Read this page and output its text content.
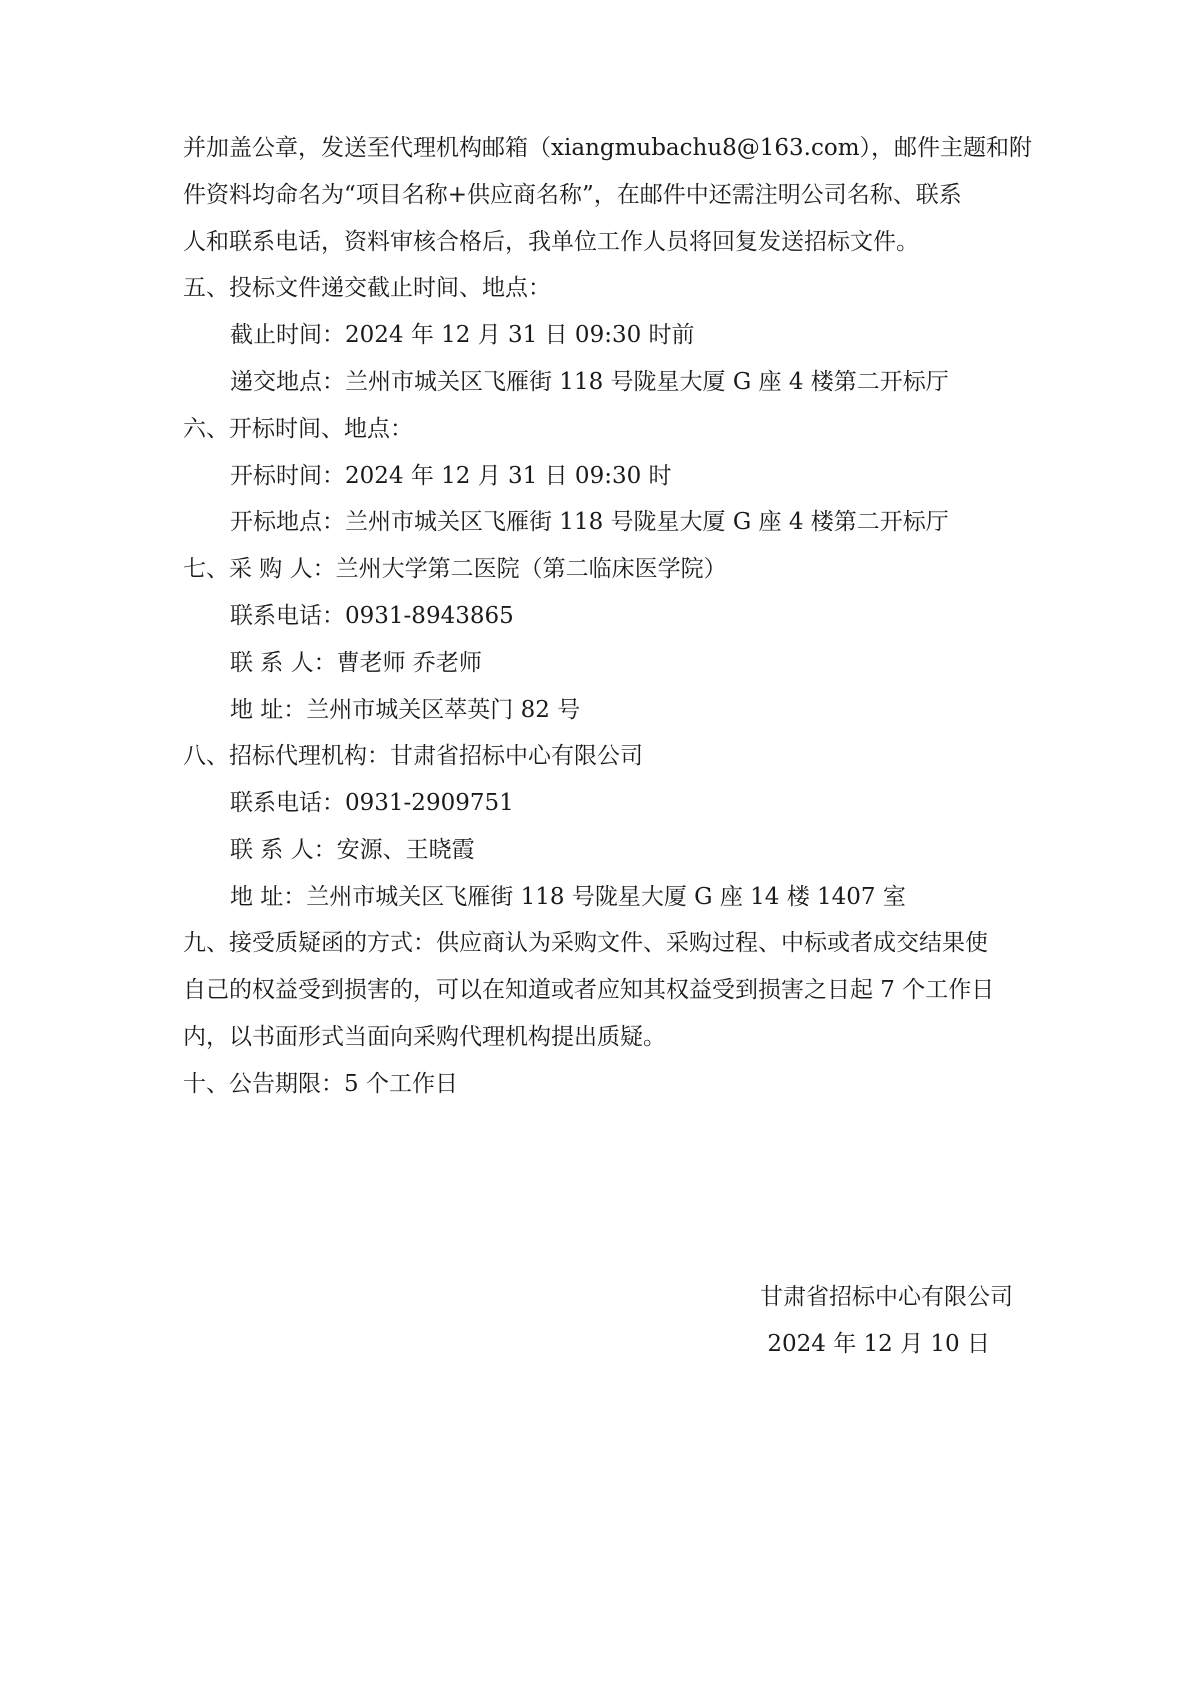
并加盖公章，发送至代理机构邮箱（xiangmubachu8@163.com），邮件主题和附
件资料均命名为“项目名称+供应商名称”，在邮件中还需注明公司名称、联系
人和联系电话，资料审核合格后，我单位工作人员将回复发送招标文件。
五、投标文件递交截止时间、地点：
截止时间：2024 年 12 月 31 日 09:30 时前
递交地点：兰州市城关区飞雁街 118 号陇星大厦 G 座 4 楼第二开标厅
六、开标时间、地点：
开标时间：2024 年 12 月 31 日 09:30 时
开标地点：兰州市城关区飞雁街 118 号陇星大厦 G 座 4 楼第二开标厅
七、采 购 人：兰州大学第二医院（第二临床医学院）
联系电话：0931-8943865
联 系 人：曹老师 乔老师
地 址：兰州市城关区萃英门 82 号
八、招标代理机构：甘肃省招标中心有限公司
联系电话：0931-2909751
联 系 人：安源、王晓霞
地 址：兰州市城关区飞雁街 118 号陇星大厦 G 座 14 楼 1407 室
九、接受质疑函的方式：供应商认为采购文件、采购过程、中标或者成交结果使
自己的权益受到损害的，可以在知道或者应知其权益受到损害之日起 7 个工作日
内，以书面形式当面向采购代理机构提出质疑。
十、公告期限：5 个工作日
甘肃省招标中心有限公司
2024 年 12 月 10 日
